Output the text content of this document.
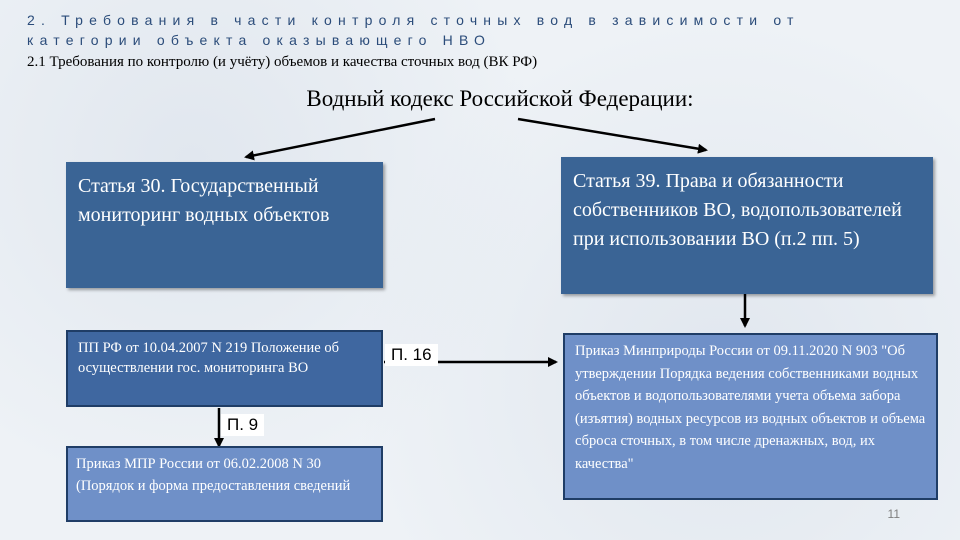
2. Требования в части контроля сточных вод в зависимости от категории объекта оказывающего НВО
2.1 Требования по контролю (и учёту) объемов и качества сточных вод (ВК РФ)
Водный кодекс Российской Федерации:
Статья 30. Государственный мониторинг водных объектов
Статья 39. Права и обязанности собственников ВО, водопользователей при использовании ВО (п.2 пп. 5)
ПП РФ от 10.04.2007 N 219 Положение об осуществлении гос. мониторинга ВО
Приказ МПР России от 06.02.2008 N 30 (Порядок и форма предоставления сведений
Приказ Минприроды России от 09.11.2020 N 903 "Об утверждении Порядка ведения собственниками водных объектов и водопользователями учета объема забора (изъятия) водных ресурсов из водных объектов и объема сброса сточных, в том числе дренажных, вод, их качества"
П. 16
П. 9
11
